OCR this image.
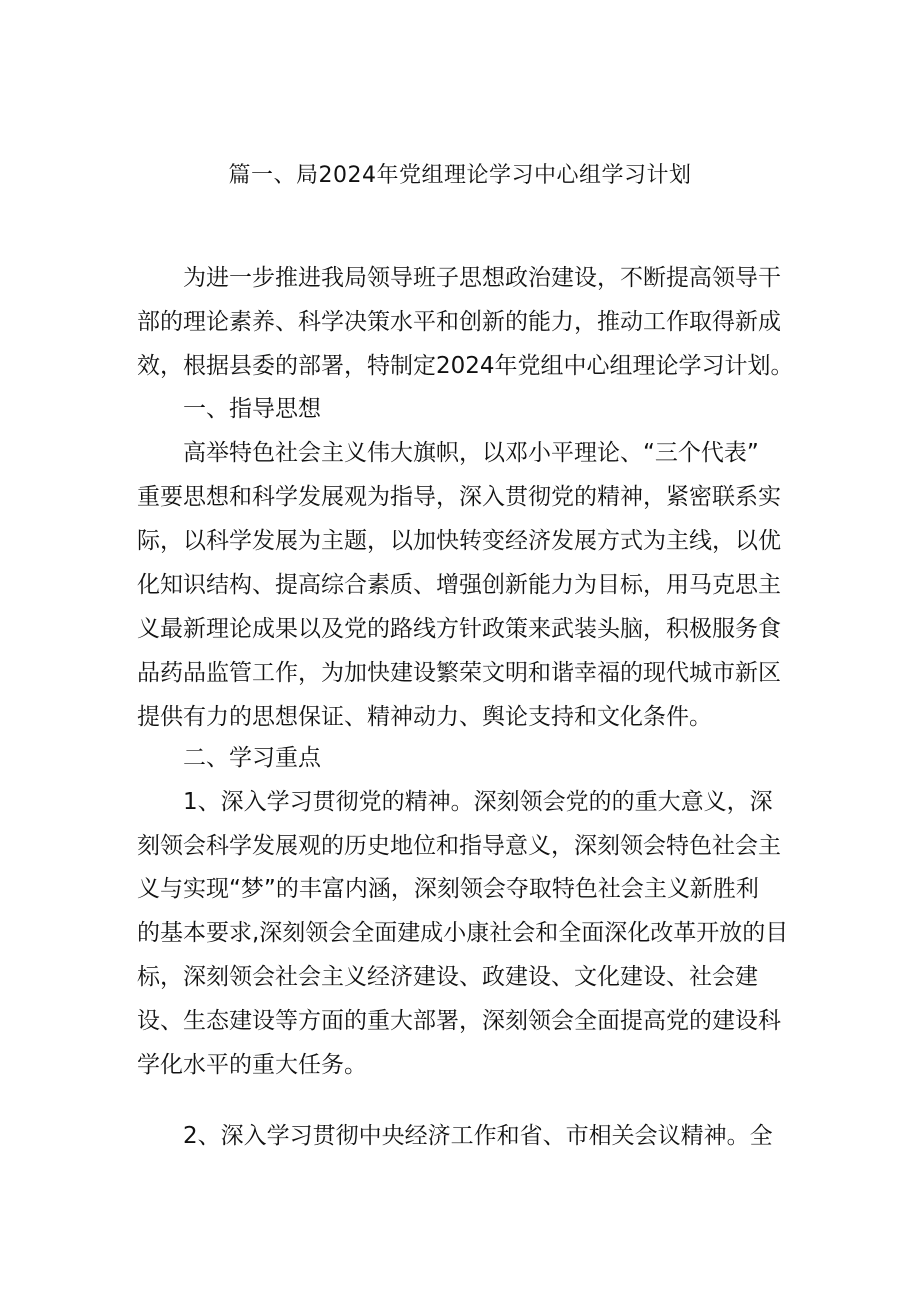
篇一、局2024年党组理论学习中心组学习计划

为进一步推进我局领导班子思想政治建设，不断提高领导干

部的理论素养、科学决策水平和创新的能力，推动工作取得新成

效，根据县委的部署，特制定2024年党组中心组理论学习计划。

一、指导思想

高举特色社会主义伟大旗帜，以邓小平理论、“三个代表”

重要思想和科学发展观为指导，深入贯彻党的精神，紧密联系实

际，以科学发展为主题，以加快转变经济发展方式为主线，以优

化知识结构、提高综合素质、增强创新能力为目标，用马克思主

义最新理论成果以及党的路线方针政策来武装头脑，积极服务食

品药品监管工作，为加快建设繁荣文明和谐幸福的现代城市新区

提供有力的思想保证、精神动力、舆论支持和文化条件。

二、学习重点

1、深入学习贯彻党的精神。深刻领会党的的重大意义，深

刻领会科学发展观的历史地位和指导意义，深刻领会特色社会主

义与实现“梦”的丰富内涵，深刻领会夺取特色社会主义新胜利

的基本要求,深刻领会全面建成小康社会和全面深化改革开放的目

标，深刻领会社会主义经济建设、政建设、文化建设、社会建

设、生态建设等方面的重大部署，深刻领会全面提高党的建设科

学化水平的重大任务。

2、深入学习贯彻中央经济工作和省、市相关会议精神。全
